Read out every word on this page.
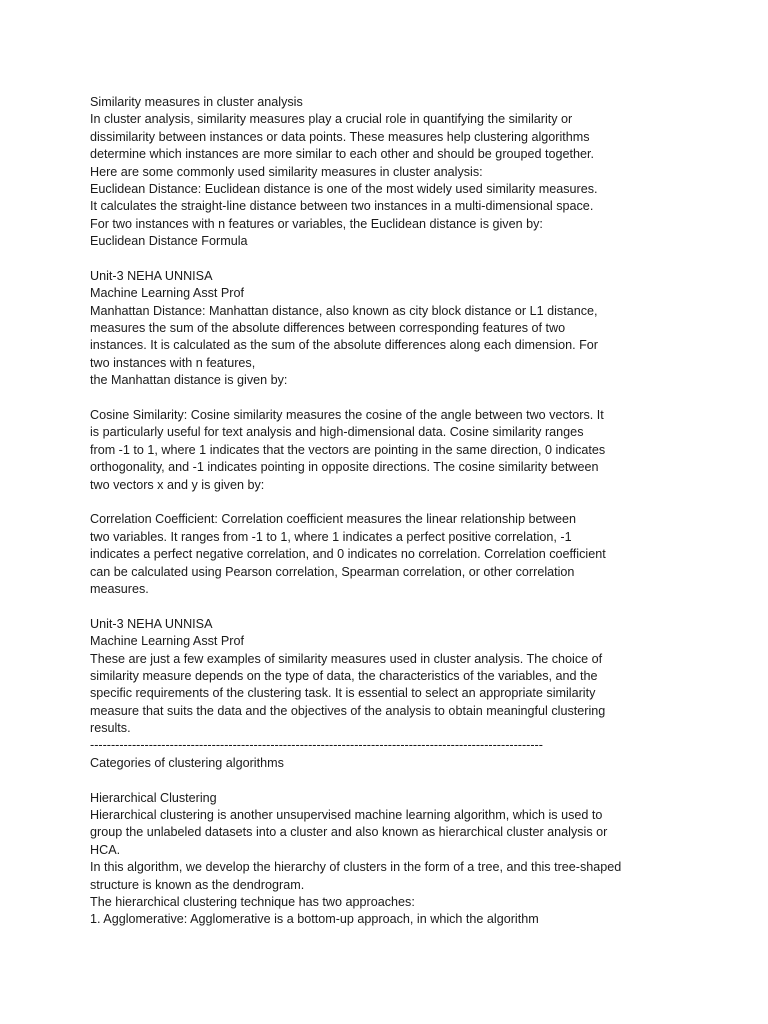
Similarity measures in cluster analysis
In cluster analysis, similarity measures play a crucial role in quantifying the similarity or
dissimilarity between instances or data points. These measures help clustering algorithms
determine which instances are more similar to each other and should be grouped together.
Here are some commonly used similarity measures in cluster analysis:
Euclidean Distance: Euclidean distance is one of the most widely used similarity measures.
It calculates the straight-line distance between two instances in a multi-dimensional space.
For two instances with n features or variables, the Euclidean distance is given by:
Euclidean Distance Formula
Unit-3 NEHA UNNISA
Machine Learning Asst Prof
Manhattan Distance: Manhattan distance, also known as city block distance or L1 distance,
measures the sum of the absolute differences between corresponding features of two
instances. It is calculated as the sum of the absolute differences along each dimension. For
two instances with n features,
the Manhattan distance is given by:
Cosine Similarity: Cosine similarity measures the cosine of the angle between two vectors. It
is particularly useful for text analysis and high-dimensional data. Cosine similarity ranges
from -1 to 1, where 1 indicates that the vectors are pointing in the same direction, 0 indicates
orthogonality, and -1 indicates pointing in opposite directions. The cosine similarity between
two vectors x and y is given by:
Correlation Coefficient: Correlation coefficient measures the linear relationship between
two variables. It ranges from -1 to 1, where 1 indicates a perfect positive correlation, -1
indicates a perfect negative correlation, and 0 indicates no correlation. Correlation coefficient
can be calculated using Pearson correlation, Spearman correlation, or other correlation
measures.
Unit-3 NEHA UNNISA
Machine Learning Asst Prof
These are just a few examples of similarity measures used in cluster analysis. The choice of
similarity measure depends on the type of data, the characteristics of the variables, and the
specific requirements of the clustering task. It is essential to select an appropriate similarity
measure that suits the data and the objectives of the analysis to obtain meaningful clustering
results.
------------------------------------------------------------------------------------------------------------
Categories of clustering algorithms
Hierarchical Clustering
Hierarchical clustering is another unsupervised machine learning algorithm, which is used to
group the unlabeled datasets into a cluster and also known as hierarchical cluster analysis or
HCA.
In this algorithm, we develop the hierarchy of clusters in the form of a tree, and this tree-shaped
structure is known as the dendrogram.
The hierarchical clustering technique has two approaches:
1. Agglomerative: Agglomerative is a bottom-up approach, in which the algorithm
